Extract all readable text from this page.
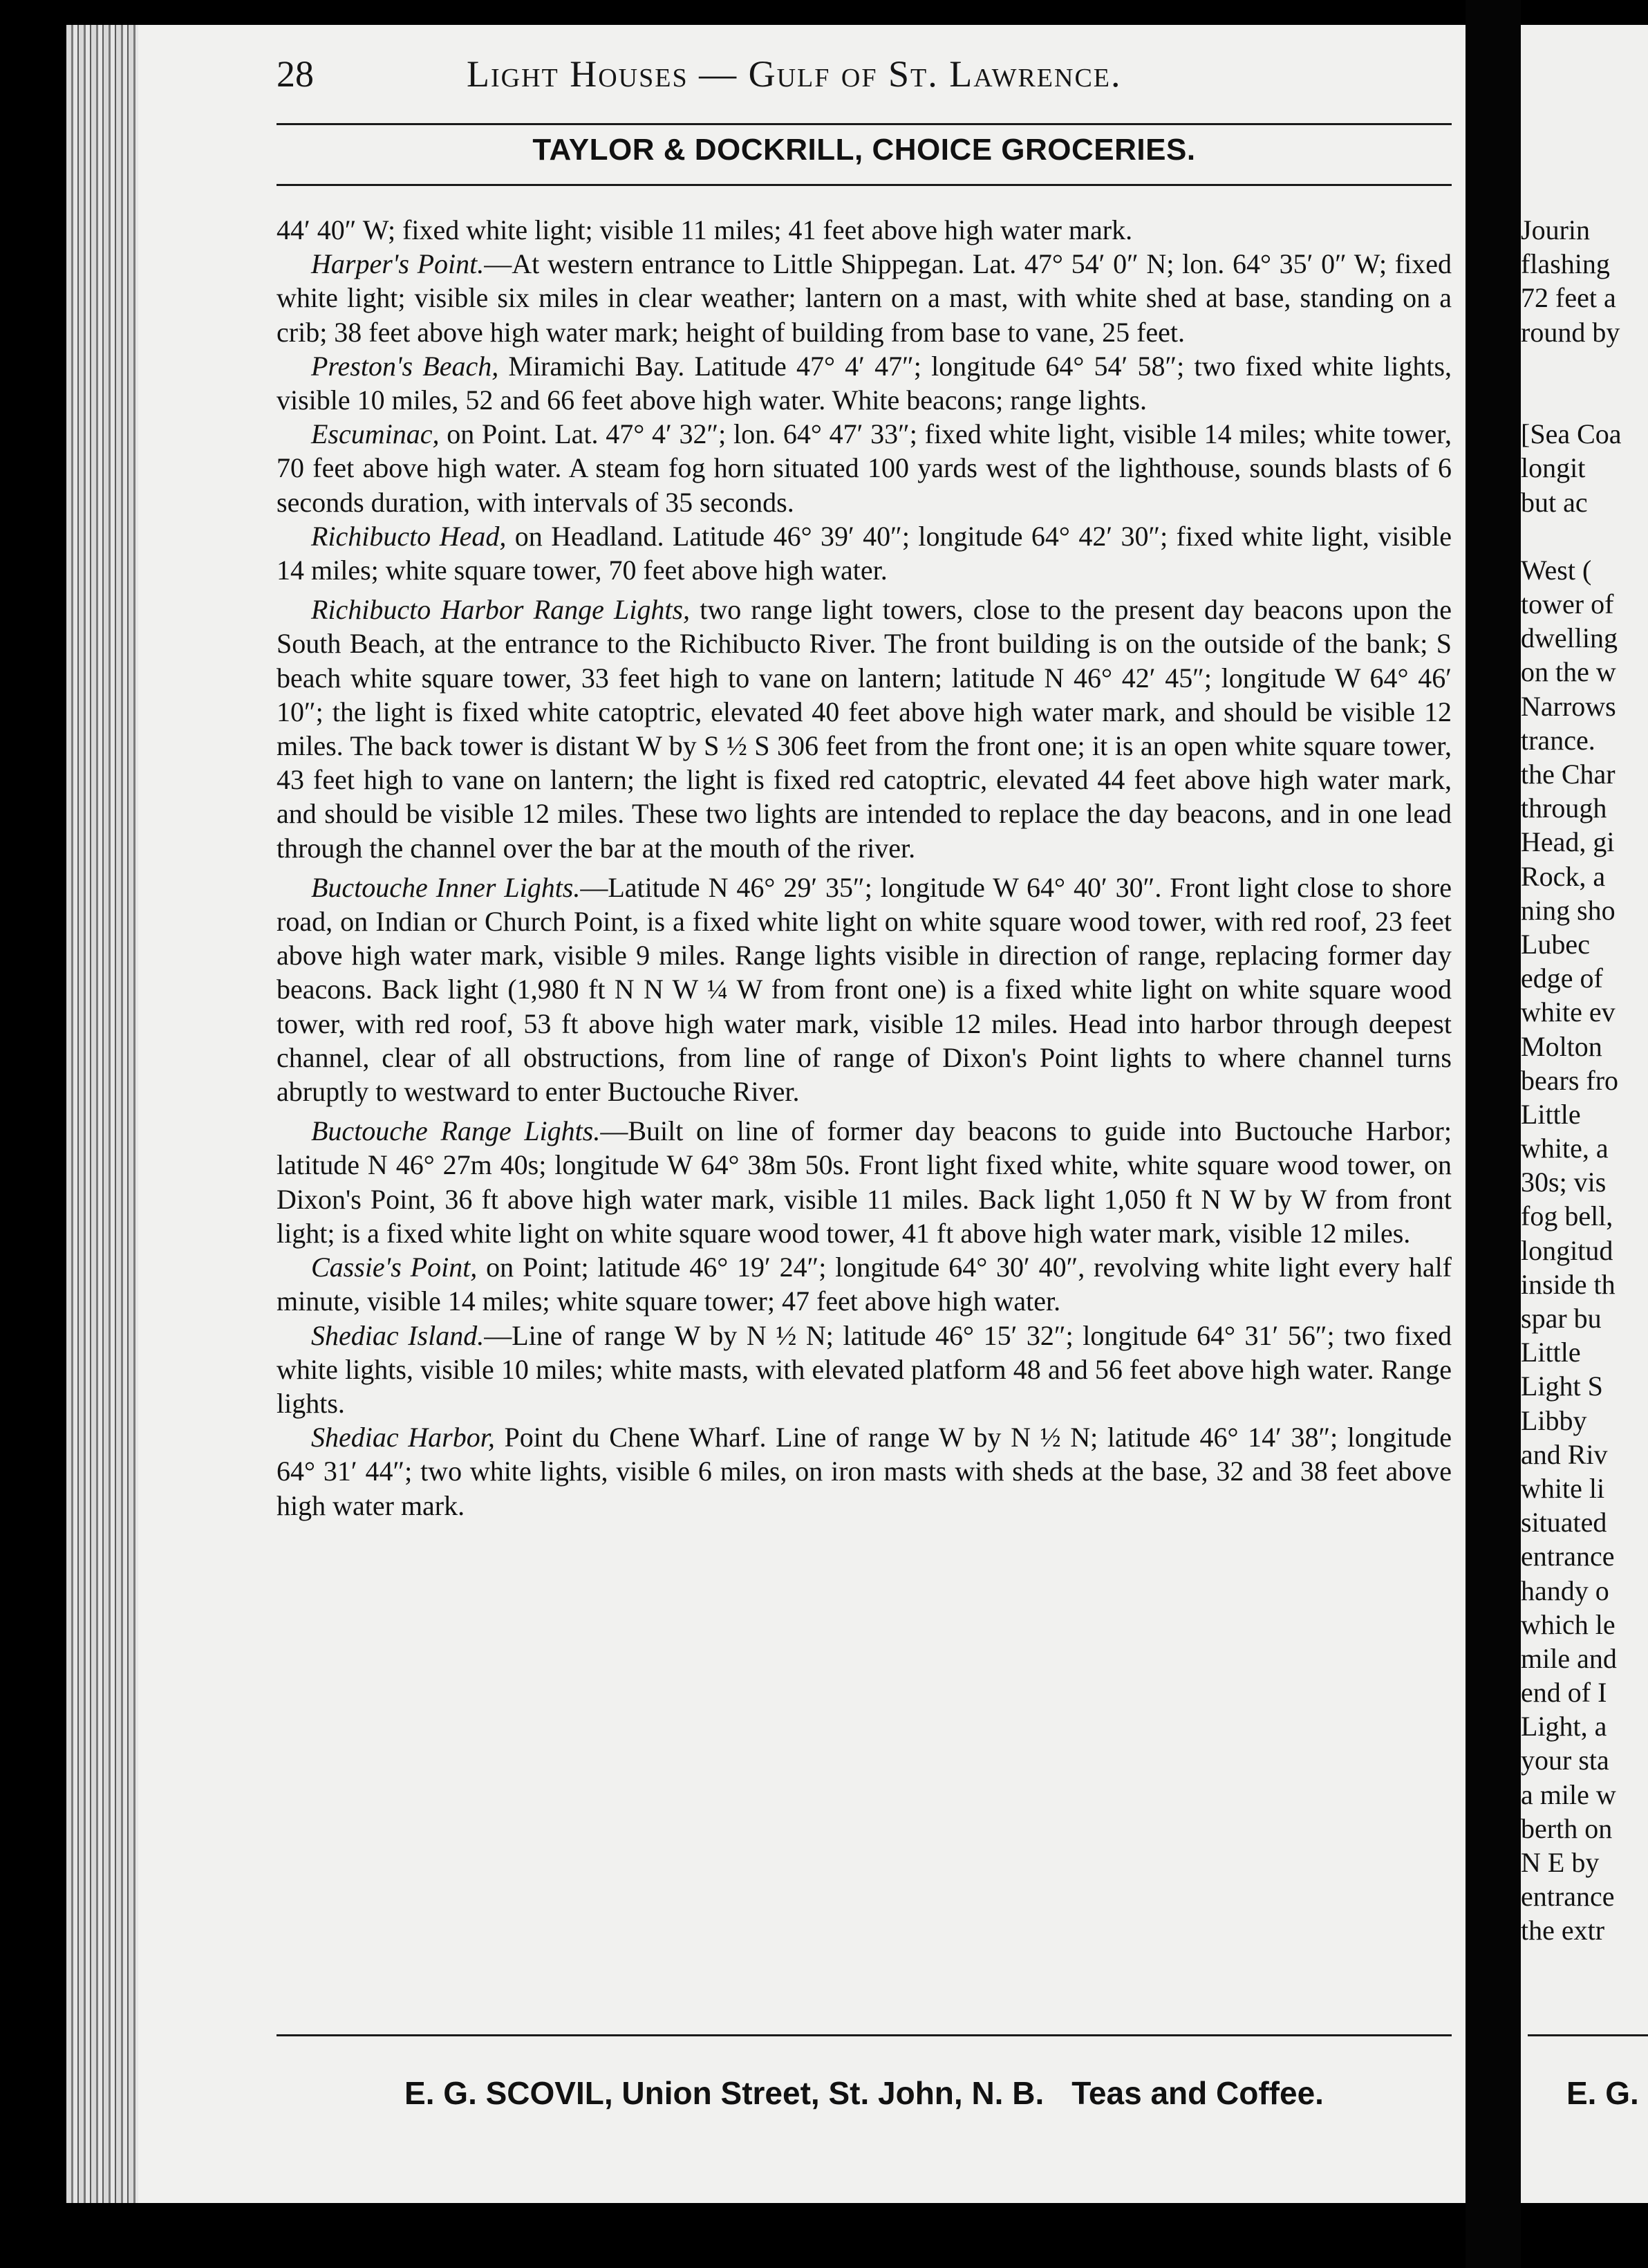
28	Light Houses — Gulf of St. Lawrence.
TAYLOR & DOCKRILL, CHOICE GROCERIES.

44′ 40″ W; fixed white light; visible 11 miles; 41 feet above high water mark.

Harper's Point.—At western entrance to Little Shippegan. Lat. 47° 54′ 0″ N; lon. 64° 35′ 0″ W; fixed white light; visible six miles in clear weather; lantern on a mast, with white shed at base, standing on a crib; 38 feet above high water mark; height of building from base to vane, 25 feet.

Preston's Beach, Miramichi Bay. Latitude 47° 4′ 47″; longitude 64° 54′ 58″; two fixed white lights, visible 10 miles, 52 and 66 feet above high water. White beacons; range lights.

Escuminac, on Point. Lat. 47° 4′ 32″; lon. 64° 47′ 33″; fixed white light, visible 14 miles; white tower, 70 feet above high water. A steam fog horn situated 100 yards west of the lighthouse, sounds blasts of 6 seconds duration, with intervals of 35 seconds.

Richibucto Head, on Headland. Latitude 46° 39′ 40″; longitude 64° 42′ 30″; fixed white light, visible 14 miles; white square tower, 70 feet above high water.

Richibucto Harbor Range Lights, two range light towers, close to the present day beacons upon the South Beach, at the entrance to the Richibucto River. The front building is on the outside of the bank; S beach white square tower, 33 feet high to vane on lantern; latitude N 46° 42′ 45″; longitude W 64° 46′ 10″; the light is fixed white catoptric, elevated 40 feet above high water mark, and should be visible 12 miles. The back tower is distant W by S ½ S 306 feet from the front one; it is an open white square tower, 43 feet high to vane on lantern; the light is fixed red catoptric, elevated 44 feet above high water mark, and should be visible 12 miles. These two lights are intended to replace the day beacons, and in one lead through the channel over the bar at the mouth of the river.

Buctouche Inner Lights.—Latitude N 46° 29′ 35″; longitude W 64° 40′ 30″. Front light close to shore road, on Indian or Church Point, is a fixed white light on white square wood tower, with red roof, 23 feet above high water mark, visible 9 miles. Range lights visible in direction of range, replacing former day beacons. Back light (1,980 ft N N W ¼ W from front one) is a fixed white light on white square wood tower, with red roof, 53 ft above high water mark, visible 12 miles. Head into harbor through deepest channel, clear of all obstructions, from line of range of Dixon's Point lights to where channel turns abruptly to westward to enter Buctouche River.

Buctouche Range Lights.—Built on line of former day beacons to guide into Buctouche Harbor; latitude N 46° 27m 40s; longitude W 64° 38m 50s. Front light fixed white, white square wood tower, on Dixon's Point, 36 ft above high water mark, visible 11 miles. Back light 1,050 ft N W by W from front light; is a fixed white light on white square wood tower, 41 ft above high water mark, visible 12 miles.

Cassie's Point, on Point; latitude 46° 19′ 24″; longitude 64° 30′ 40″, revolving white light every half minute, visible 14 miles; white square tower; 47 feet above high water.

Shediac Island.—Line of range W by N ½ N; latitude 46° 15′ 32″; longitude 64° 31′ 56″; two fixed white lights, visible 10 miles; white masts, with elevated platform 48 and 56 feet above high water. Range lights.

Shediac Harbor, Point du Chene Wharf. Line of range W by N ½ N; latitude 46° 14′ 38″; longitude 64° 31′ 44″; two white lights, visible 6 miles, on iron masts with sheds at the base, 32 and 38 feet above high water mark.

E. G. SCOVIL, Union Street, St. John, N. B. Teas and Coffee.
Jourin
flashing
72 feet a
round by
[Sea Coa
longit
but ac
West (
tower of
dwelling
on the w
Narrows
trance.
the Char
through
Head, gi
Rock, a
ning sho
Lubec
edge of
white ev
Molton
bears fro
Little
white, a
30s; vis
fog bell,
longitud
inside th
spar bu
Little
Light S
Libby
and Riv
white li
situated
entrance
handy o
which le
mile and
end of I
Light, a
your sta
a mile w
berth on
N E by
entrance
the extr
E. G.
